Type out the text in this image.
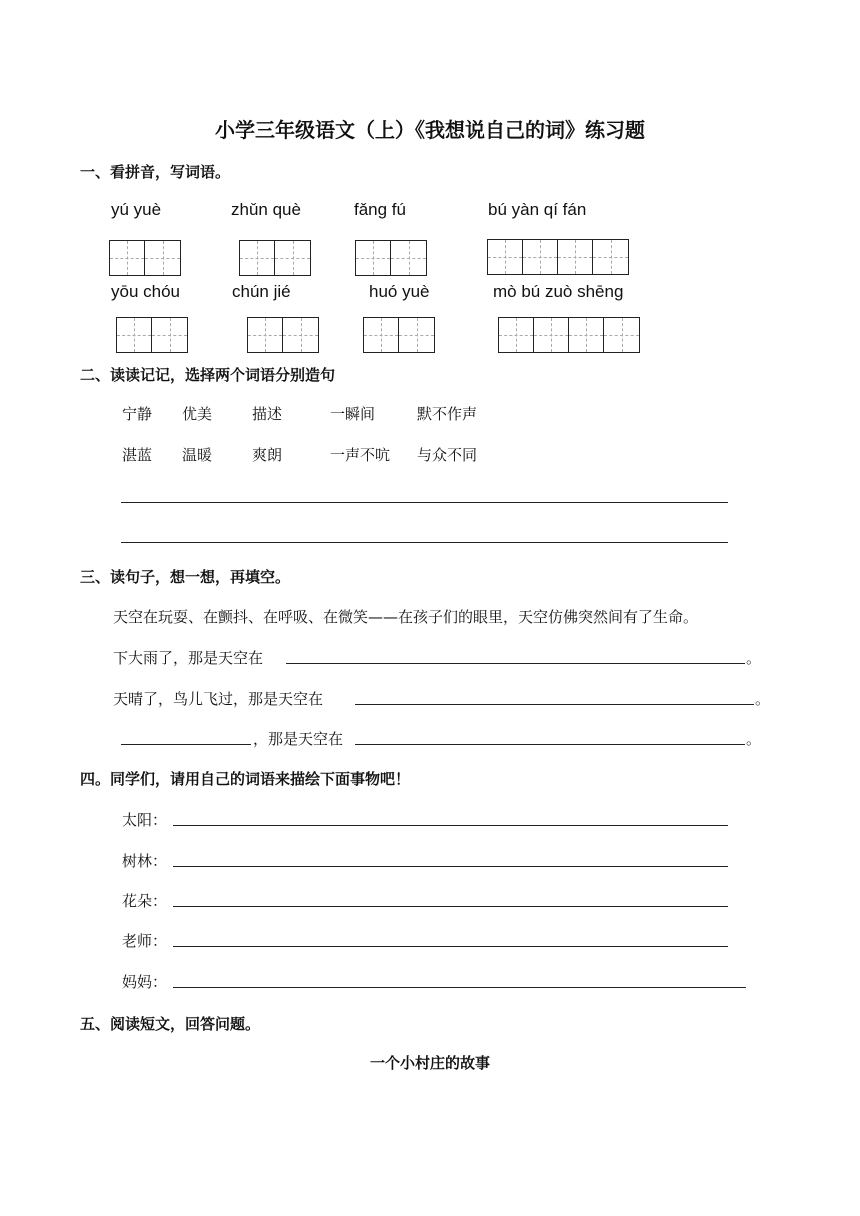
小学三年级语文（上）《我想说自己的词》练习题
一、看拼音，写词语。
yú yuè	zhǔn què	fǎng fú	bú yàn qí fán
yōu chóu	chún jié	huó yuè	mò bú zuò shēng
二、读读记记，选择两个词语分别造句
宁静 优美	描述	一瞬间	默不作声
湛蓝 温暖	爽朗	一声不吭 与众不同
三、读句子，想一想，再填空。
天空在玩耍、在颤抖、在呼吸、在微笑——在孩子们的眼里，天空仿佛突然间有了生命。
下大雨了，那是天空在	。
天晴了，鸟儿飞过，那是天空在	。
，那是天空在	。
四。同学们，请用自己的词语来描绘下面事物吧！
太阳：
树林：
花朵：
老师：
妈妈：
五、阅读短文，回答问题。
一个小村庄的故事
